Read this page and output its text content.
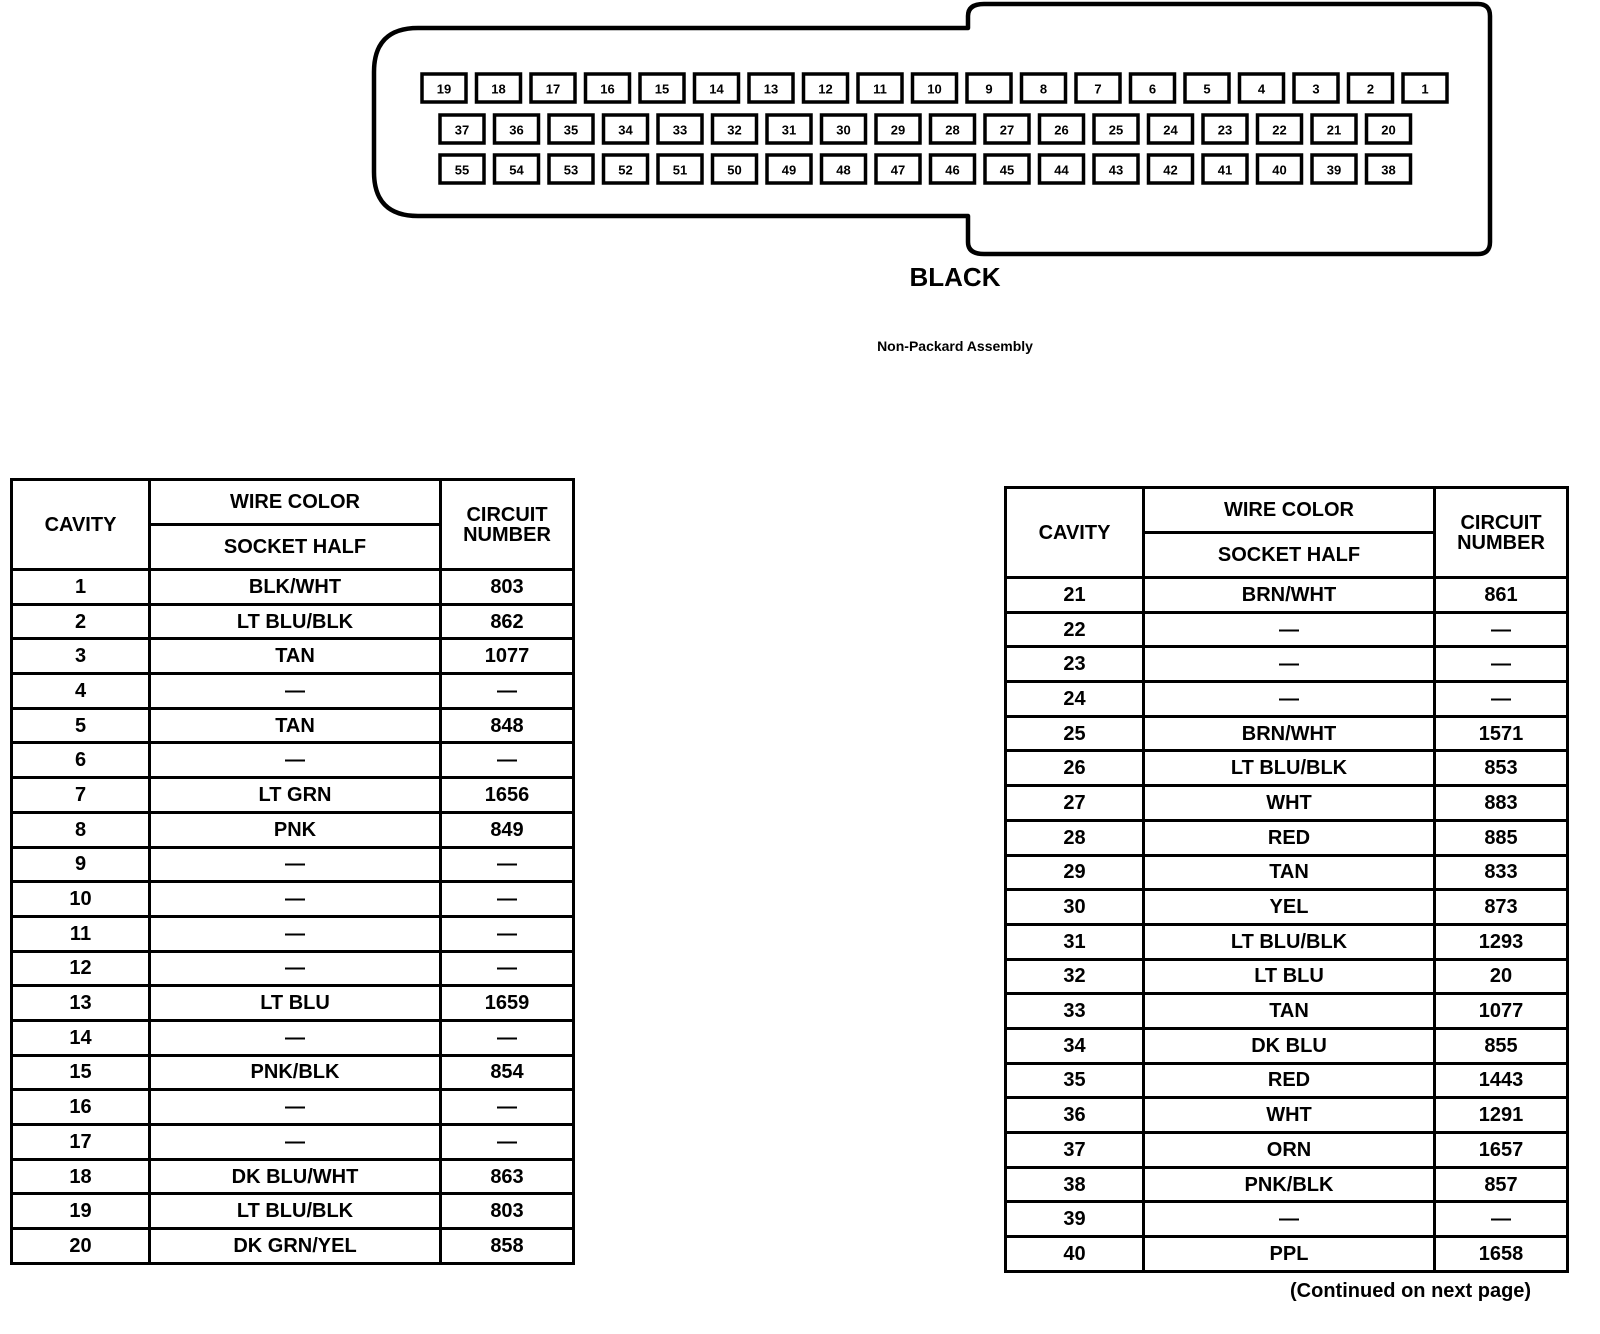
19	18	17	16	15	14	13	12	11	10	9	8	7	6	5	4	3	2	1
37	36	35	34	33	32	31	30	29	28	27	26	25	24	23	22	21	20
55	54	53	52	51	50	49	48	47	46	45	44	43	42	41	40	39	38
BLACK
Non-Packard Assembly
CAVITY	WIRE COLOR	CIRCUIT NUMBER
	SOCKET HALF	
1	BLK/WHT	803
2	LT BLU/BLK	862
3	TAN	1077
4	—	—
5	TAN	848
6	—	—
7	LT GRN	1656
8	PNK	849
9	—	—
10	—	—
11	—	—
12	—	—
13	LT BLU	1659
14	—	—
15	PNK/BLK	854
16	—	—
17	—	—
18	DK BLU/WHT	863
19	LT BLU/BLK	803
20	DK GRN/YEL	858
CAVITY	WIRE COLOR	CIRCUIT NUMBER
	SOCKET HALF	
21	BRN/WHT	861
22	—	—
23	—	—
24	—	—
25	BRN/WHT	1571
26	LT BLU/BLK	853
27	WHT	883
28	RED	885
29	TAN	833
30	YEL	873
31	LT BLU/BLK	1293
32	LT BLU	20
33	TAN	1077
34	DK BLU	855
35	RED	1443
36	WHT	1291
37	ORN	1657
38	PNK/BLK	857
39	—	—
40	PPL	1658
(Continued on next page)
